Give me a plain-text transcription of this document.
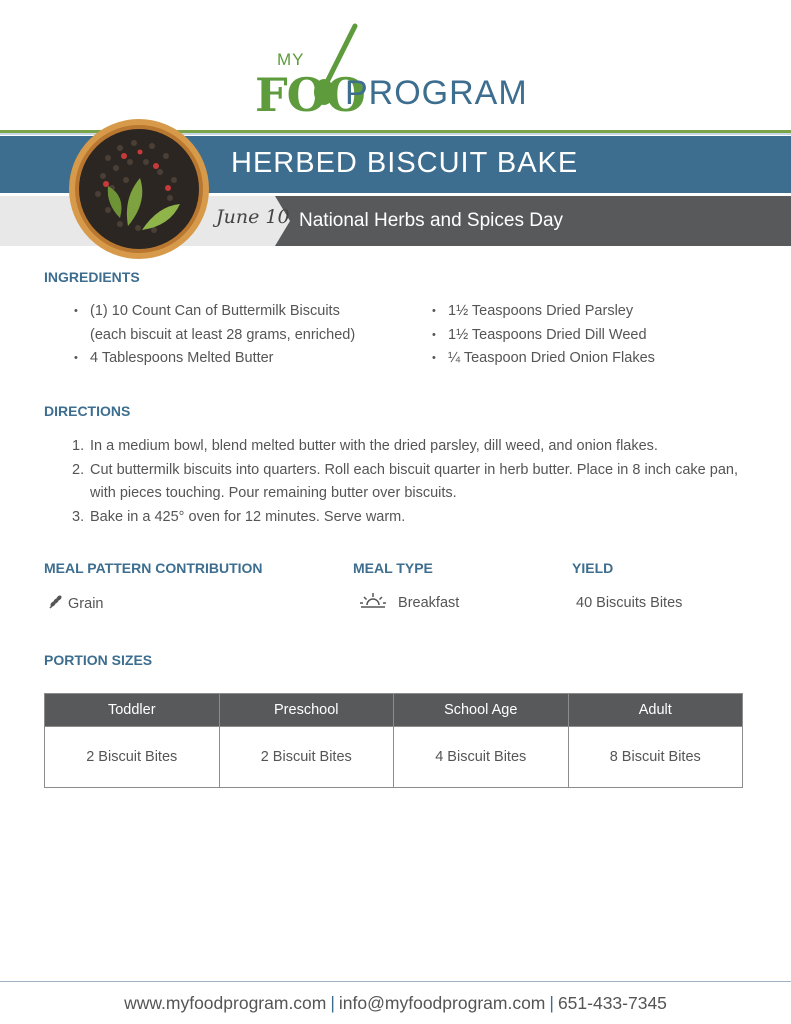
MY
FOO
PROGRAM
HERBED BISCUIT BAKE
June 10 National Herbs and Spices Day
INGREDIENTS
• (1) 10 Count Can of Buttermilk Biscuits
(each biscuit at least 28 grams, enriched)
• 4 Tablespoons Melted Butter
• 1½ Teaspoons Dried Parsley
• 1½ Teaspoons Dried Dill Weed
• ¼ Teaspoon Dried Onion Flakes
DIRECTIONS
1. In a medium bowl, blend melted butter with the dried parsley, dill weed, and onion flakes.
2. Cut buttermilk biscuits into quarters. Roll each biscuit quarter in herb butter. Place in 8 inch cake pan, with pieces touching. Pour remaining butter over biscuits.
3. Bake in a 425° oven for 12 minutes. Serve warm.
MEAL PATTERN CONTRIBUTION	MEAL TYPE	YIELD
Grain	Breakfast	40 Biscuits Bites
PORTION SIZES
Toddler	Preschool	School Age	Adult
2 Biscuit Bites	2 Biscuit Bites	4 Biscuit Bites	8 Biscuit Bites
www.myfoodprogram.com | info@myfoodprogram.com | 651-433-7345
